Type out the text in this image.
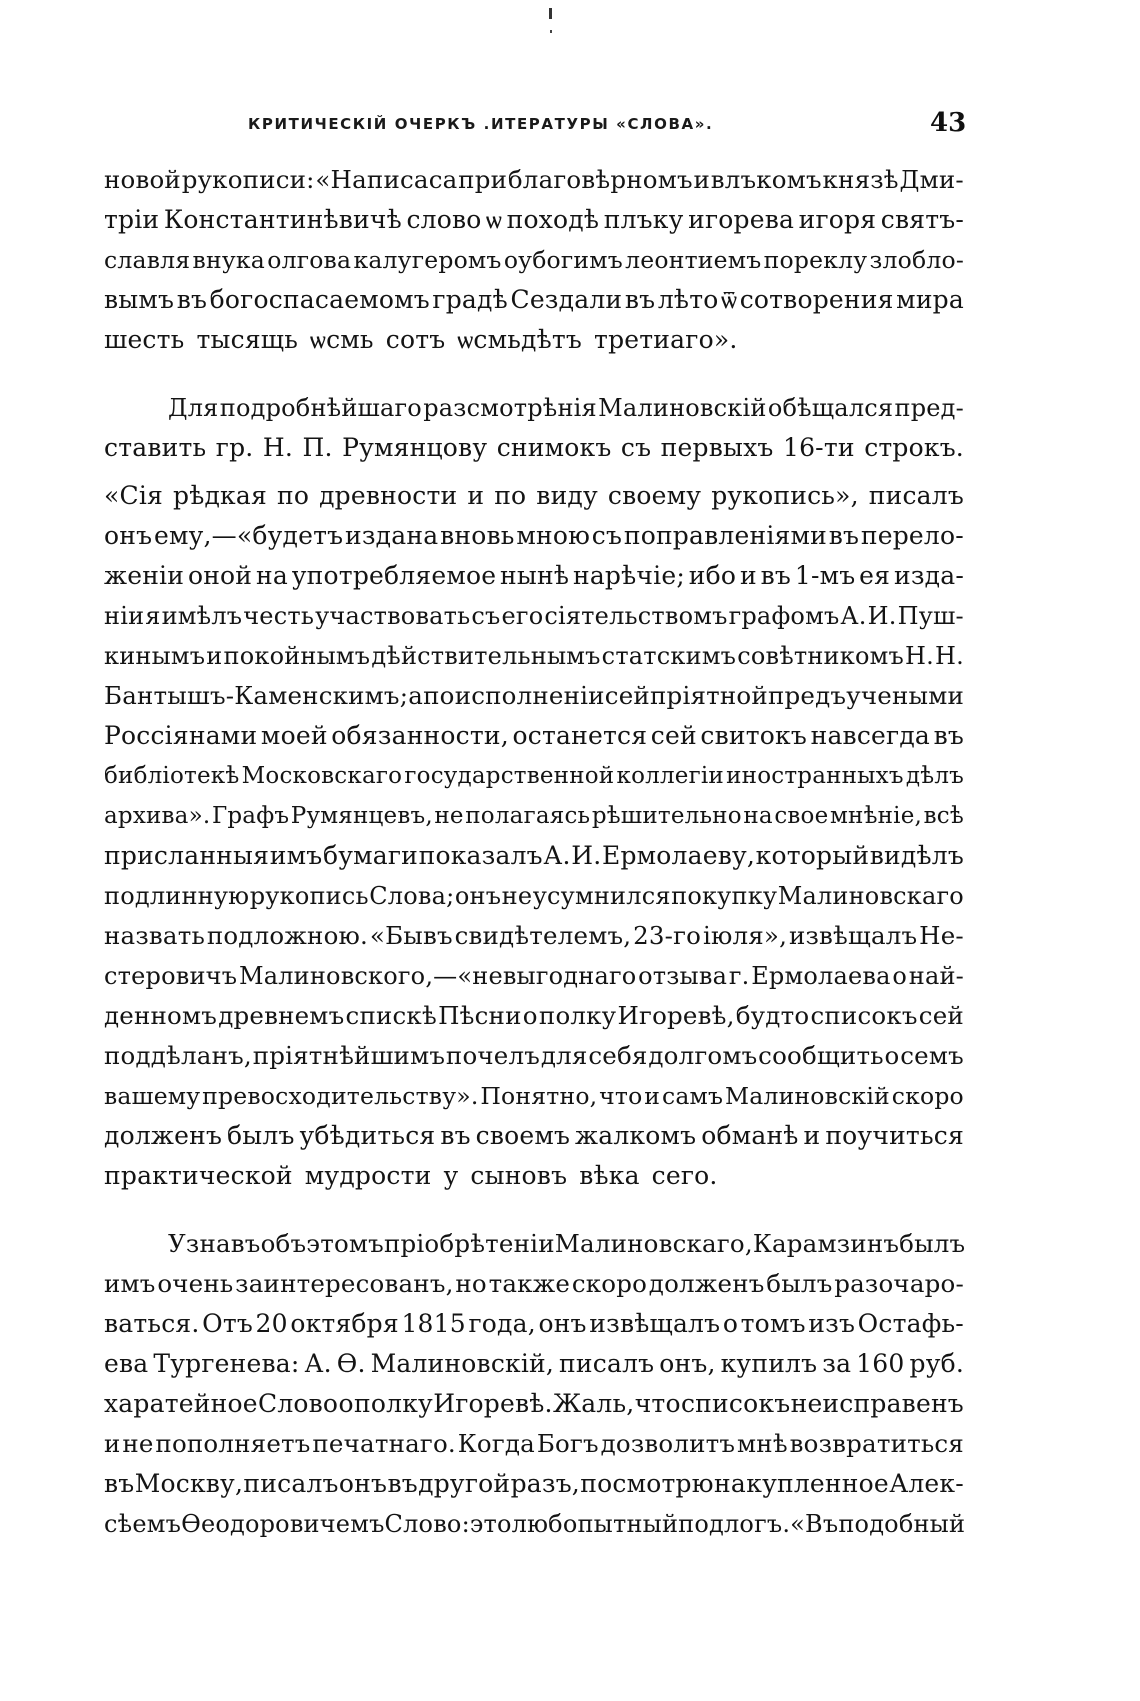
КРИТИЧЕСКІЙ ОЧЕРКЪ .ИТЕРАТУРЫ «СЛОВА».	43
новой рукописи: «Написаса при благовѣрномъ и влъкомъ князѣ Дми-
трiи Константинѣвичѣ слово ѡ походѣ плъку игорева игоря святъ-
славля внука олгова калугеромъ оубогимъ леонтиемъ пореклу злобло-
вымъ въ богоспасаемомъ градѣ Сездали въ лѣто ѿ сотворения мира
шесть тысящь ѡсмь сотъ ѡсмьдѣтъ третиаго».
Для подробнѣйшаго разсмотрѣнія Малиновскій обѣщался пред-
ставить гр. Н. П. Румянцову снимокъ съ первыхъ 16-ти строкъ.
«Сія рѣдкая по древности и по виду своему рукопись», писалъ
онъ ему,—«будетъ издана вновь мною съ поправленіями въ перело-
женіи оной на употребляемое нынѣ нарѣчіе; ибо и въ 1-мъ ея изда-
ніи я имѣлъ честь участвовать съ его сіятельствомъ графомъ А. И. Пуш-
кинымъ и покойнымъ дѣйствительнымъ статскимъ совѣтникомъ Н. Н.
Бантышъ-Каменскимъ; а по исполненіи сей пріятной предъ учеными
Россіянами моей обязанности, останется сей свитокъ навсегда въ
библіотекѣ Московскаго государственной коллегіи иностранныхъ дѣлъ
архива». Графъ Румянцевъ, не полагаясь рѣшительно на свое мнѣніе, всѣ
присланныя имъ бумаги показалъ А. И. Ермолаеву, который видѣлъ
подлинную рукопись Слова; онъ не усумнился покупку Малиновскаго
назвать подложною. «Бывъ свидѣтелемъ, 23-го іюля», извѣщалъ Не-
стеровичъ Малиновского,—«невыгоднаго отзыва г. Ермолаева о най-
денномъ древнемъ спискѣ Пѣсни о полку Игоревѣ, будто списокъ сей
поддѣланъ, пріятнѣйшимъ почелъ для себя долгомъ сообщить о семъ
вашему превосходительству». Понятно, что и самъ Малиновскій скоро
долженъ былъ убѣдиться въ своемъ жалкомъ обманѣ и поучиться
практической мудрости у сыновъ вѣка сего.
Узнавъ объ этомъ пріобрѣтеніи Малиновскаго, Карамзинъ былъ
имъ очень заинтересованъ, но также скоро долженъ былъ разочаро-
ваться. Отъ 20 октября 1815 года, онъ извѣщалъ о томъ изъ Остафь-
ева Тургенева: А. Ѳ. Малиновскій, писалъ онъ, купилъ за 160 руб.
харатейное Слово о полку Игоревѣ. Жаль, что списокъ неисправенъ
и не пополняетъ печатнаго. Когда Богъ дозволитъ мнѣ возвратиться
въ Москву, писалъ онъ въ другой разъ, посмотрю на купленное Алек-
сѣемъ Ѳеодоровичемъ Слово: это любопытный подлогъ. «Въ подобный
